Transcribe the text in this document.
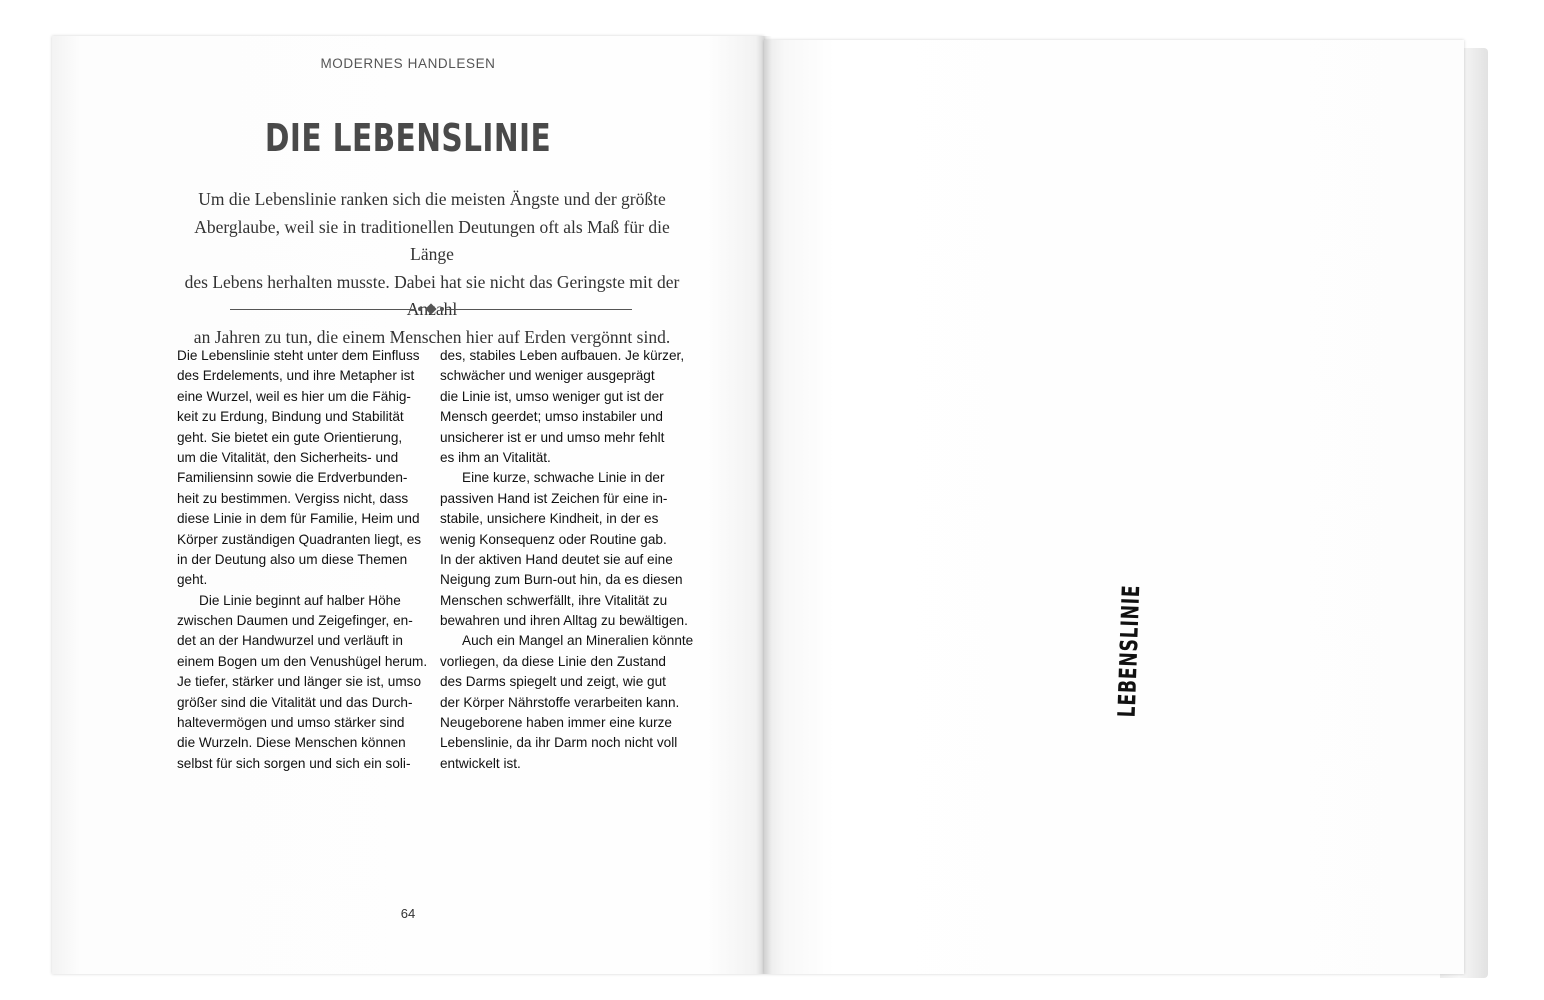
MODERNES HANDLESEN
DIE LEBENSLINIE

Um die Lebenslinie ranken sich die meisten Ängste und der größte

Aberglaube, weil sie in traditionellen Deutungen oft als Maß für die Länge

des Lebens herhalten musste. Dabei hat sie nicht das Geringste mit der

an Jahren zu tun, die einem Menschen hier auf Erden vergönnt sind.

Die Lebenslinie steht unter dem Einfluss
des Erdelements, und ihre Metapher ist
eine Wurzel, weil es hier um die Fähig-
keit zu Erdung, Bindung und Stabilität
geht. Sie bietet ein gute Orientierung,
um die Vitalität, den Sicherheits- und
Familiensinn sowie die Erdverbunden-
heit zu bestimmen. Vergiss nicht, dass
diese Linie in dem für Familie, Heim und
Körper zuständigen Quadranten liegt, es
in der Deutung also um diese Themen
geht.
Die Linie beginnt auf halber Höhe
zwischen Daumen und Zeigefinger, en-
det an der Handwurzel und verläuft in
einem Bogen um den Venushügel herum.
Je tiefer, stärker und länger sie ist, umso
größer sind die Vitalität und das Durch-
haltevermögen und umso stärker sind
die Wurzeln. Diese Menschen können
selbst für sich sorgen und sich ein soli-
des, stabiles Leben aufbauen. Je kürzer,
schwächer und weniger ausgeprägt
die Linie ist, umso weniger gut ist der
Mensch geerdet; umso instabiler und
unsicherer ist er und umso mehr fehlt
es ihm an Vitalität.
Eine kurze, schwache Linie in der
passiven Hand ist Zeichen für eine in-
stabile, unsichere Kindheit, in der es
wenig Konsequenz oder Routine gab.
In der aktiven Hand deutet sie auf eine
Neigung zum Burn-out hin, da es diesen
Menschen schwerfällt, ihre Vitalität zu
bewahren und ihren Alltag zu bewältigen.
Auch ein Mangel an Mineralien könnte
vorliegen, da diese Linie den Zustand
des Darms spiegelt und zeigt, wie gut
der Körper Nährstoffe verarbeiten kann.
Neugeborene haben immer eine kurze
Lebenslinie, da ihr Darm noch nicht voll
entwickelt ist.
64
LEBENSLINIE
